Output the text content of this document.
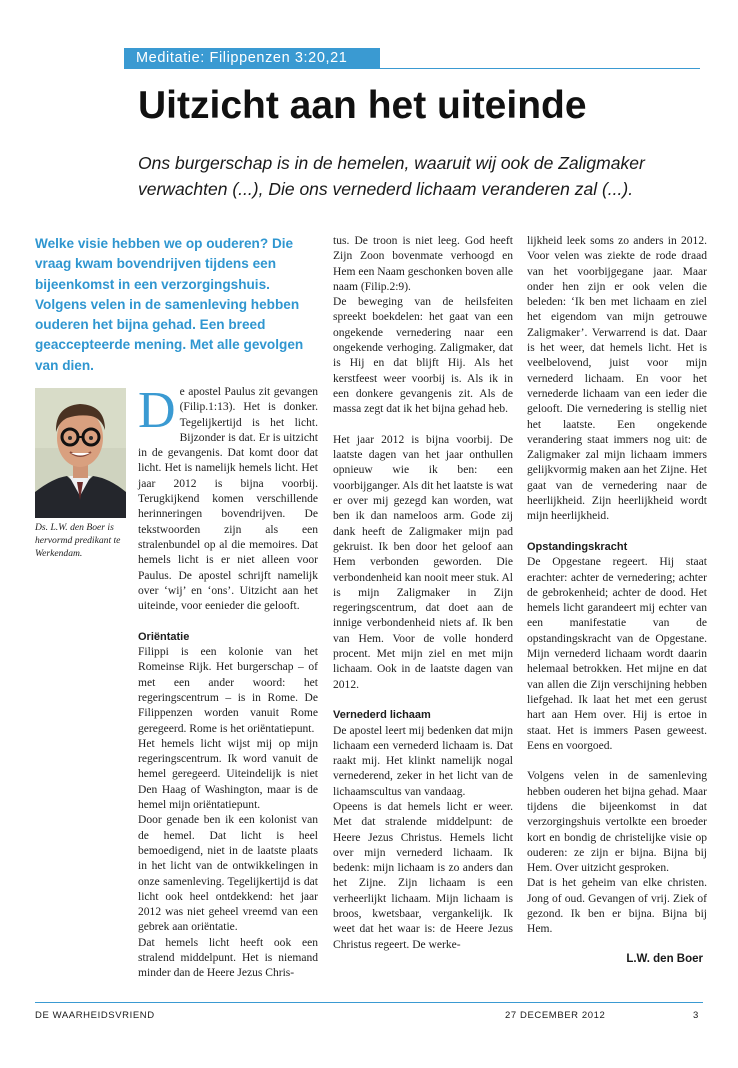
Meditatie: Filippenzen 3:20,21
Uitzicht aan het uiteinde
Ons burgerschap is in de hemelen, waaruit wij ook de Zaligmaker verwachten (...), Die ons vernederd lichaam veranderen zal (...).

Welke visie hebben we op ouderen? Die vraag kwam bovendrijven tijdens een bijeenkomst in een verzorgingshuis. Volgens velen in de samenleving hebben ouderen het bijna gehad. Een breed geaccepteerde mening. Met alle gevolgen van dien.

Ds. L.W. den Boer is hervormd predikant te Werkendam.

De apostel Paulus zit gevangen (Filip.1:13). Het is donker. Tegelijkertijd is het licht. Bijzonder is dat. Er is uitzicht in de gevangenis. Dat komt door dat licht. Het is namelijk hemels licht. Het jaar 2012 is bijna voorbij. Terugkijkend komen verschillende herinneringen bovendrijven. De tekstwoorden zijn als een stralenbundel op al die memoires. Dat hemels licht is er niet alleen voor Paulus. De apostel schrijft namelijk over ‘wij’ en ‘ons’. Uitzicht aan het uiteinde, voor eenieder die gelooft.

Oriëntatie

Filippi is een kolonie van het Romeinse Rijk. Het burgerschap – of met een ander woord: het regeringscentrum – is in Rome. De Filippenzen worden vanuit Rome geregeerd. Rome is het oriëntatiepunt.

Het hemels licht wijst mij op mijn regeringscentrum. Ik word vanuit de hemel geregeerd. Uiteindelijk is niet Den Haag of Washington, maar is de hemel mijn oriëntatiepunt.

Door genade ben ik een kolonist van de hemel. Dat licht is heel bemoedigend, niet in de laatste plaats in het licht van de ontwikkelingen in onze samenleving. Tegelijkertijd is dat licht ook heel ontdekkend: het jaar 2012 was niet geheel vreemd van een gebrek aan oriëntatie.

Dat hemels licht heeft ook een stralend middelpunt. Het is niemand minder dan de Heere Jezus Chris-

tus. De troon is niet leeg. God heeft Zijn Zoon bovenmate verhoogd en Hem een Naam geschonken boven alle naam (Filip.2:9).

De beweging van de heilsfeiten spreekt boekdelen: het gaat van een ongekende vernedering naar een ongekende verhoging. Zaligmaker, dat is Hij en dat blijft Hij. Als het kerstfeest weer voorbij is. Als ik in een donkere gevangenis zit. Als de massa zegt dat ik het bijna gehad heb.

Het jaar 2012 is bijna voorbij. De laatste dagen van het jaar onthullen opnieuw wie ik ben: een voorbijganger. Als dit het laatste is wat er over mij gezegd kan worden, wat ben ik dan nameloos arm. Gode zij dank heeft de Zaligmaker mijn pad gekruist. Ik ben door het geloof aan Hem verbonden geworden. Die verbondenheid kan nooit meer stuk. Al is mijn Zaligmaker in Zijn regeringscentrum, dat doet aan de innige verbondenheid niets af. Ik ben van Hem. Voor de volle honderd procent. Met mijn ziel en met mijn lichaam. Ook in de laatste dagen van 2012.

Vernederd lichaam

De apostel leert mij bedenken dat mijn lichaam een vernederd lichaam is. Dat raakt mij. Het klinkt namelijk nogal vernederend, zeker in het licht van de lichaamscultus van vandaag.

Opeens is dat hemels licht er weer. Met dat stralende middelpunt: de Heere Jezus Christus. Hemels licht over mijn vernederd lichaam. Ik bedenk: mijn lichaam is zo anders dan het Zijne. Zijn lichaam is een verheerlijkt lichaam. Mijn lichaam is broos, kwetsbaar, vergankelijk. Ik weet dat het waar is: de Heere Jezus Christus regeert. De werke-

lijkheid leek soms zo anders in 2012. Voor velen was ziekte de rode draad van het voorbijgegane jaar. Maar onder hen zijn er ook velen die beleden: ‘Ik ben met lichaam en ziel het eigendom van mijn getrouwe Zaligmaker’. Verwarrend is dat. Daar is het weer, dat hemels licht. Het is veelbelovend, juist voor mijn vernederd lichaam. En voor het vernederde lichaam van een ieder die gelooft. Die vernedering is stellig niet het laatste. Een ongekende verandering staat immers nog uit: de Zaligmaker zal mijn lichaam immers gelijkvormig maken aan het Zijne. Het gaat van de vernedering naar de heerlijkheid. Zijn heerlijkheid wordt mijn heerlijkheid.

Opstandingskracht

De Opgestane regeert. Hij staat erachter: achter de vernedering; achter de gebrokenheid; achter de dood. Het hemels licht garandeert mij echter van een manifestatie van de opstandingskracht van de Opgestane. Mijn vernederd lichaam wordt daarin helemaal betrokken. Het mijne en dat van allen die Zijn verschijning hebben liefgehad. Ik laat het met een gerust hart aan Hem over. Hij is ertoe in staat. Het is immers Pasen geweest. Eens en voorgoed.

Volgens velen in de samenleving hebben ouderen het bijna gehad. Maar tijdens die bijeenkomst in dat verzorgingshuis vertolkte een broeder kort en bondig de christelijke visie op ouderen: ze zijn er bijna. Bijna bij Hem. Over uitzicht gesproken.

Dat is het geheim van elke christen. Jong of oud. Gevangen of vrij. Ziek of gezond. Ik ben er bijna. Bijna bij Hem.

L.W. den Boer
DE WAARHEIDSVRIEND	27 DECEMBER 2012	3
